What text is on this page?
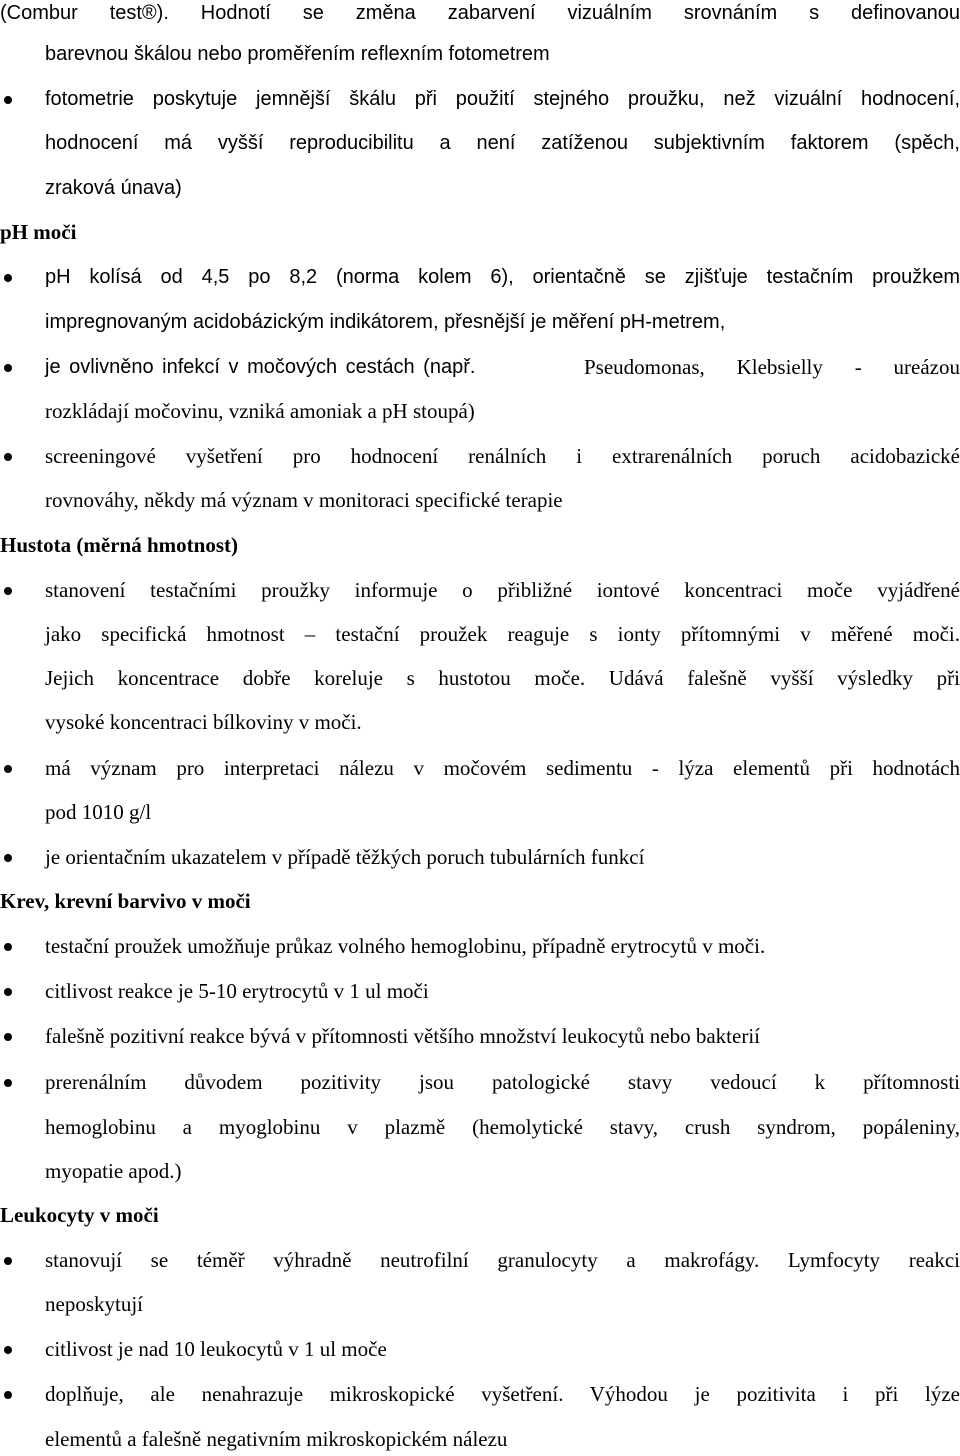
(Combur test®). Hodnotí se změna zabarvení vizuálním srovnáním s definovanou
barevnou škálou nebo proměřením reflexním fotometrem
fotometrie poskytuje jemnější škálu při použití stejného proužku, než vizuální hodnocení,
hodnocení má vyšší reproducibilitu a není zatíženou subjektivním faktorem (spěch,
zraková únava)
pH moči
pH kolísá od 4,5 po 8,2 (norma kolem 6), orientačně se zjišťuje testačním proužkem
impregnovaným acidobázickým indikátorem, přesnější je měření pH-metrem,
je ovlivněno infekcí v močových cestách (např.	Pseudomonas, Klebsielly - ureázou
rozkládají močovinu, vzniká amoniak a pH stoupá)
screeningové vyšetření pro hodnocení renálních i extrarenálních poruch acidobazické
rovnováhy, někdy má význam v monitoraci specifické terapie
Hustota (měrná hmotnost)
stanovení testačními proužky informuje o přibližné iontové koncentraci moče vyjádřené
jako specifická hmotnost – testační proužek reaguje s ionty přítomnými v měřené moči.
Jejich koncentrace dobře koreluje s hustotou moče. Udává falešně vyšší výsledky při
vysoké koncentraci bílkoviny v moči.
má význam pro interpretaci nálezu v močovém sedimentu - lýza elementů při hodnotách
pod 1010 g/l
je orientačním ukazatelem v případě těžkých poruch tubulárních funkcí
Krev, krevní barvivo v moči
testační proužek umožňuje průkaz volného hemoglobinu, případně erytrocytů v moči.
citlivost reakce je 5-10 erytrocytů v 1 ul moči
falešně pozitivní reakce bývá v přítomnosti většího množství leukocytů nebo bakterií
prerenálním důvodem pozitivity jsou patologické stavy vedoucí k přítomnosti
hemoglobinu a myoglobinu v plazmě (hemolytické stavy, crush syndrom, popáleniny,
myopatie apod.)
Leukocyty v moči
stanovují se téměř výhradně neutrofilní granulocyty a makrofágy. Lymfocyty reakci
neposkytují
citlivost je nad 10 leukocytů v 1 ul moče
doplňuje, ale nenahrazuje mikroskopické vyšetření. Výhodou je pozitivita i při lýze
elementů a falešně negativním mikroskopickém nálezu
